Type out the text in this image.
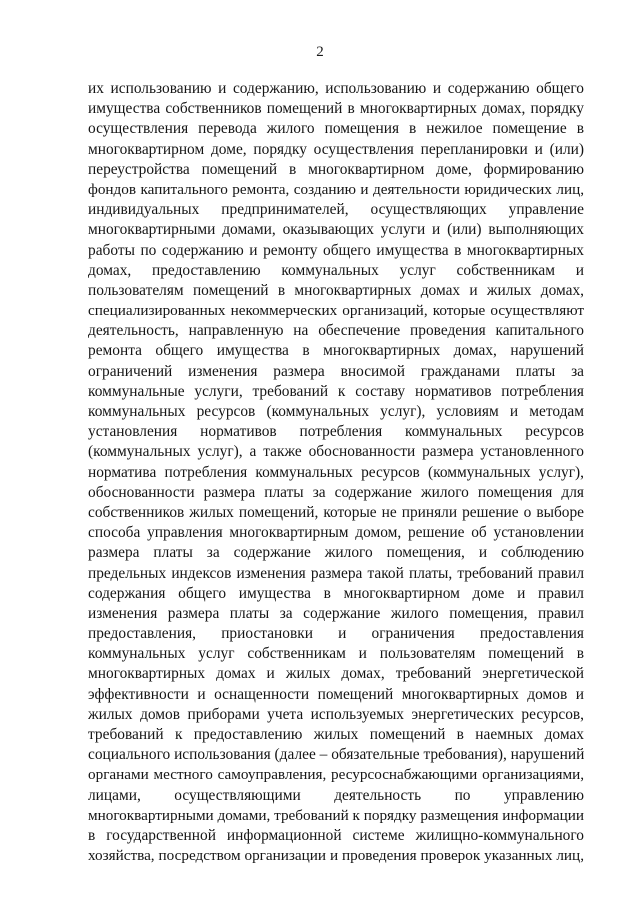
2
их использованию и содержанию, использованию и содержанию общего
имущества собственников помещений в многоквартирных домах, порядку
осуществления перевода жилого помещения в нежилое помещение в
многоквартирном доме, порядку осуществления перепланировки и (или)
переустройства помещений в многоквартирном доме, формированию
фондов капитального ремонта, созданию и деятельности юридических лиц,
индивидуальных предпринимателей, осуществляющих управление
многоквартирными домами, оказывающих услуги и (или) выполняющих
работы по содержанию и ремонту общего имущества в многоквартирных
домах, предоставлению коммунальных услуг собственникам и
пользователям помещений в многоквартирных домах и жилых домах,
специализированных некоммерческих организаций, которые осуществляют
деятельность, направленную на обеспечение проведения капитального
ремонта общего имущества в многоквартирных домах, нарушений
ограничений изменения размера вносимой гражданами платы за
коммунальные услуги, требований к составу нормативов потребления
коммунальных ресурсов (коммунальных услуг), условиям и методам
установления нормативов потребления коммунальных ресурсов
(коммунальных услуг), а также обоснованности размера установленного
норматива потребления коммунальных ресурсов (коммунальных услуг),
обоснованности размера платы за содержание жилого помещения для
собственников жилых помещений, которые не приняли решение о выборе
способа управления многоквартирным домом, решение об установлении
размера платы за содержание жилого помещения, и соблюдению
предельных индексов изменения размера такой платы, требований правил
содержания общего имущества в многоквартирном доме и правил
изменения размера платы за содержание жилого помещения, правил
предоставления, приостановки и ограничения предоставления
коммунальных услуг собственникам и пользователям помещений в
многоквартирных домах и жилых домах, требований энергетической
эффективности и оснащенности помещений многоквартирных домов и
жилых домов приборами учета используемых энергетических ресурсов,
требований к предоставлению жилых помещений в наемных домах
социального использования (далее – обязательные требования), нарушений
органами местного самоуправления, ресурсоснабжающими организациями,
лицами, осуществляющими деятельность по управлению
многоквартирными домами, требований к порядку размещения информации
в государственной информационной системе жилищно-коммунального
хозяйства, посредством организации и проведения проверок указанных лиц,
